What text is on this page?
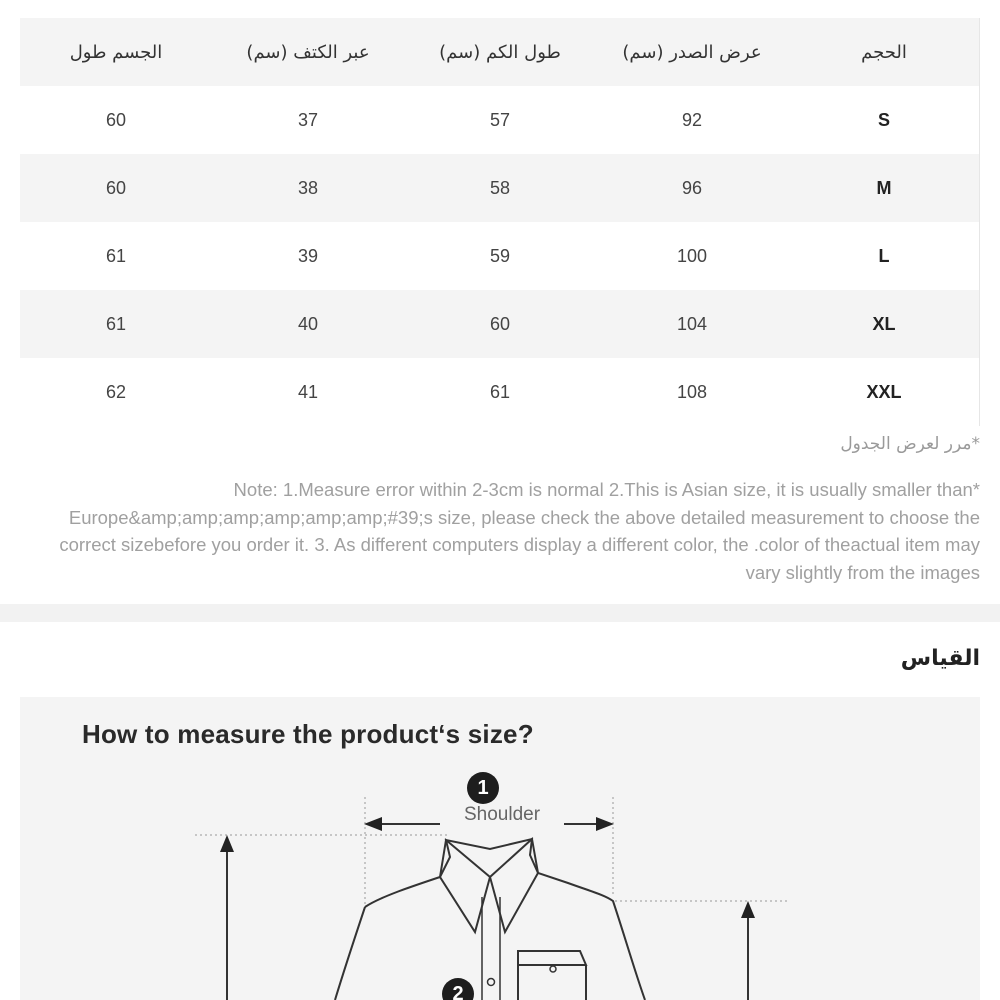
الحجم	عرض الصدر (سم)	طول الكم (سم)	عبر الكتف (سم)	الجسم طول
S	92	57	37	60
M	96	58	38	60
L	100	59	39	61
XL	104	60	40	61
XXL	108	61	41	62
*مرر لعرض الجدول
Note: 1.Measure error within 2-3cm is normal 2.This is Asian size, it is usually smaller than* Europe&amp;amp;amp;amp;amp;amp;#39;s size, please check the above detailed measurement to choose the correct sizebefore you order it. 3. As different computers display a different color, the .color of theactual item may vary slightly from the images
القياس
How to measure the product‘s size?
Shoulder
1
2
